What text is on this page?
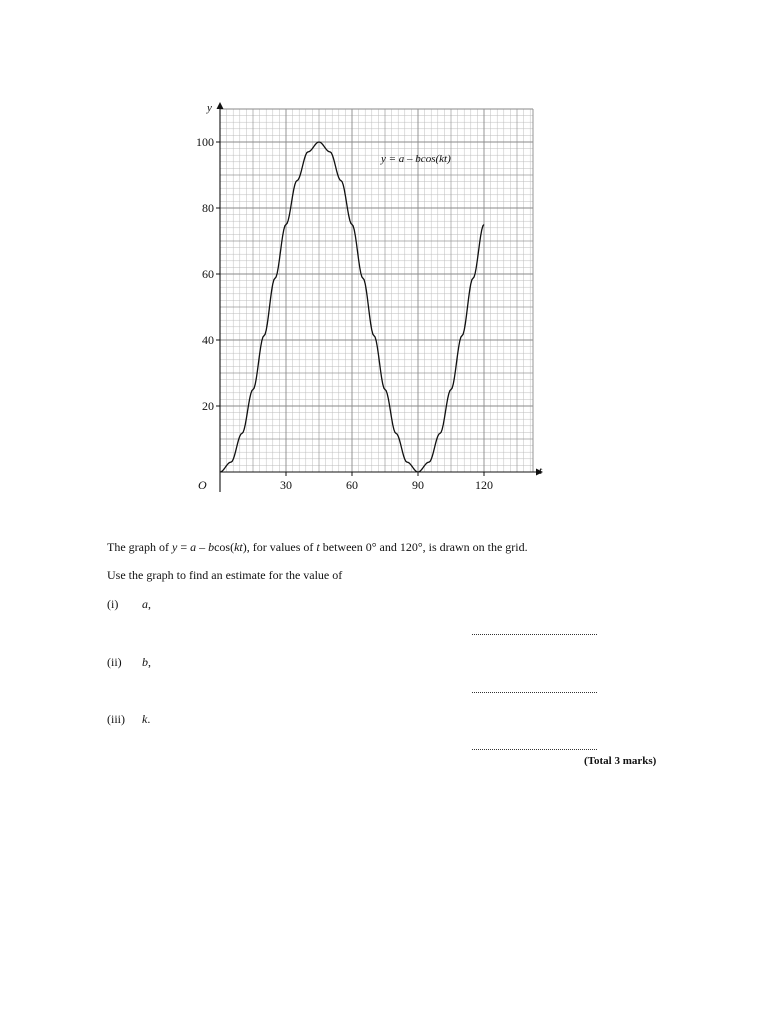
30	60	90	120
20
40
60
80
100
y = a – bcos(kt)
t
y
O
The graph of y = a – bcos(kt), for values of t between 0° and 120°, is drawn on the grid.
Use the graph to find an estimate for the value of
(i) a,
(ii) b,
(iii) k.
(Total 3 marks)
